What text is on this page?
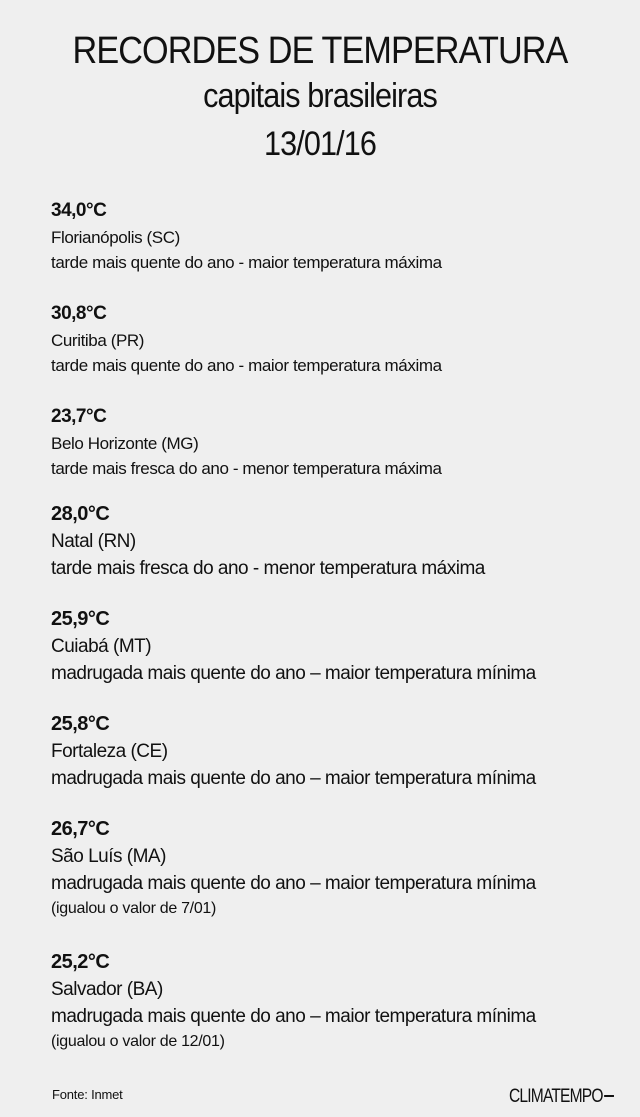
RECORDES DE TEMPERATURA
capitais brasileiras
13/01/16
34,0°C
Florianópolis (SC)
tarde mais quente do ano - maior temperatura máxima
30,8°C
Curitiba (PR)
tarde mais quente do ano - maior temperatura máxima
23,7°C
Belo Horizonte (MG)
tarde mais fresca do ano - menor temperatura máxima
28,0°C
Natal (RN)
tarde mais fresca do ano - menor temperatura máxima
25,9°C
Cuiabá (MT)
madrugada mais quente do ano – maior temperatura mínima
25,8°C
Fortaleza (CE)
madrugada mais quente do ano – maior temperatura mínima
26,7°C
São Luís (MA)
madrugada mais quente do ano – maior temperatura mínima
(igualou o valor de 7/01)
25,2°C
Salvador (BA)
madrugada mais quente do ano – maior temperatura mínima
(igualou o valor de 12/01)
Fonte: Inmet	CLIMATEMPO
